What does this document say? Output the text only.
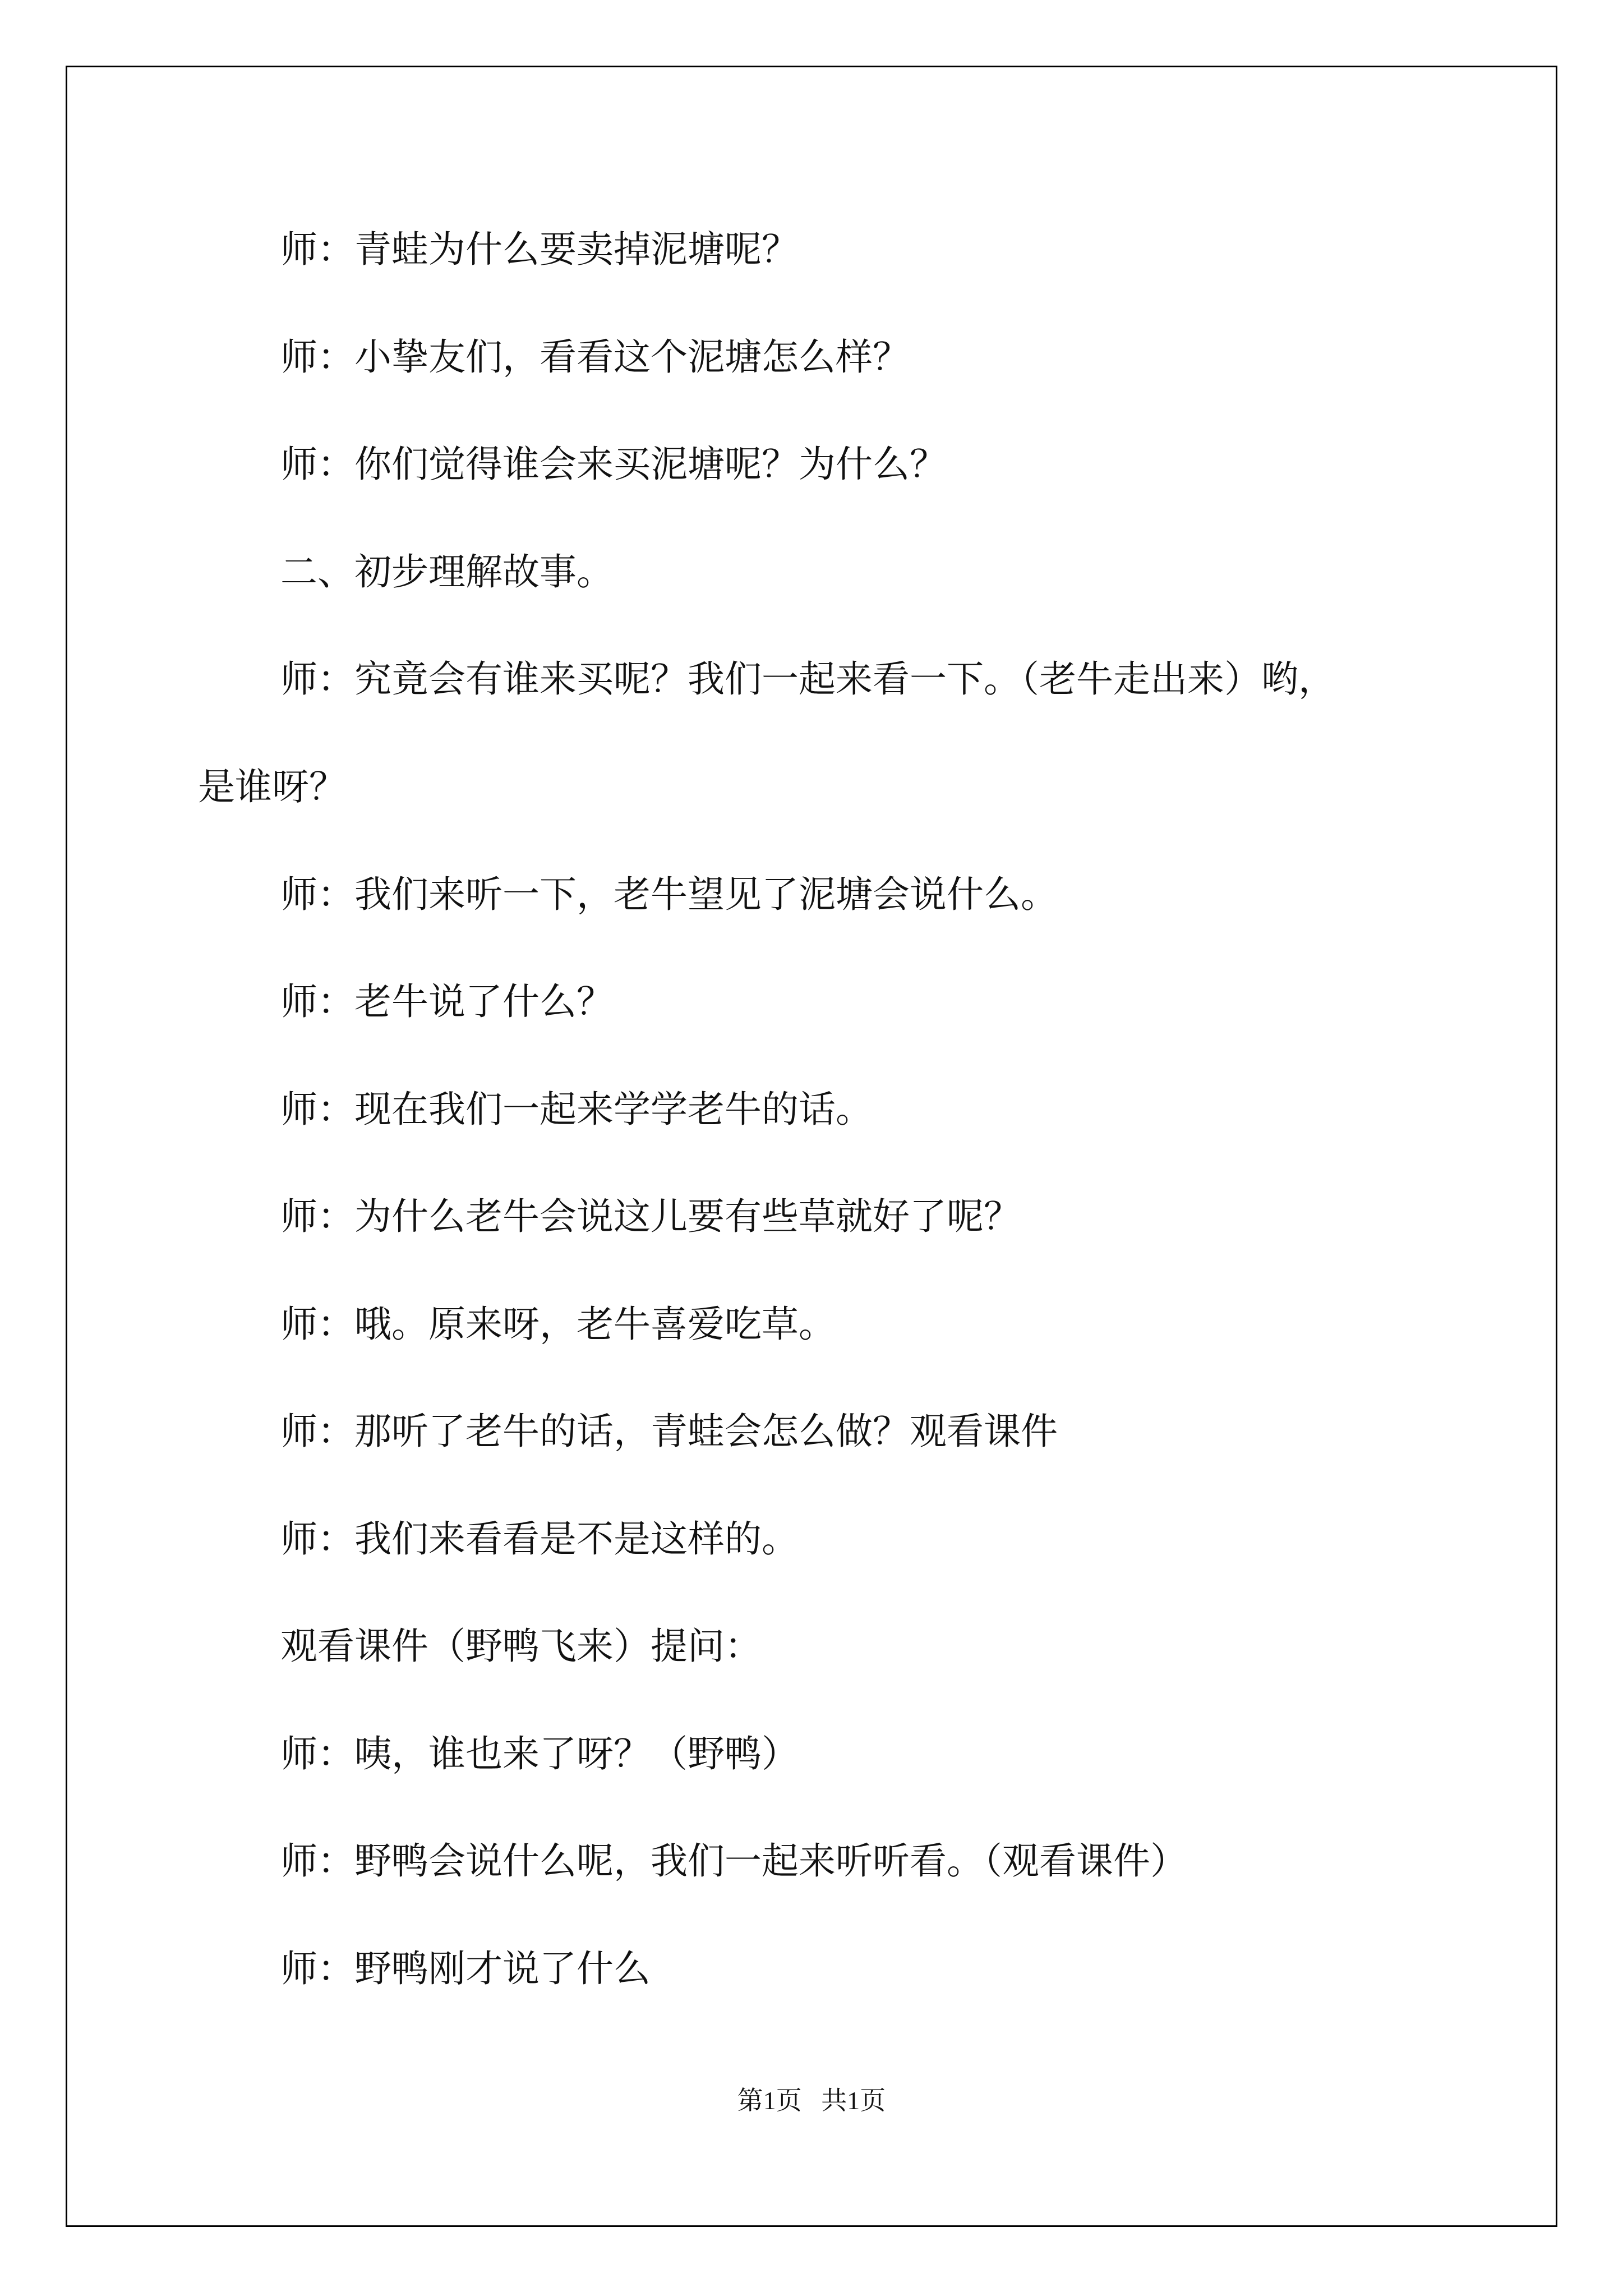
师：青蛙为什么要卖掉泥塘呢？

师：小挚友们，看看这个泥塘怎么样？

师：你们觉得谁会来买泥塘呢？为什么？

二、初步理解故事。

师：究竟会有谁来买呢？我们一起来看一下。（老牛走出来）哟，

是谁呀？

师：我们来听一下，老牛望见了泥塘会说什么。

师：老牛说了什么？

师：现在我们一起来学学老牛的话。

师：为什么老牛会说这儿要有些草就好了呢？

师：哦。原来呀，老牛喜爱吃草。

师：那听了老牛的话，青蛙会怎么做？观看课件

师：我们来看看是不是这样的。

观看课件（野鸭飞来）提问：

师：咦，谁也来了呀？（野鸭）

师：野鸭会说什么呢，我们一起来听听看。（观看课件）

师：野鸭刚才说了什么

第1页 共1页
